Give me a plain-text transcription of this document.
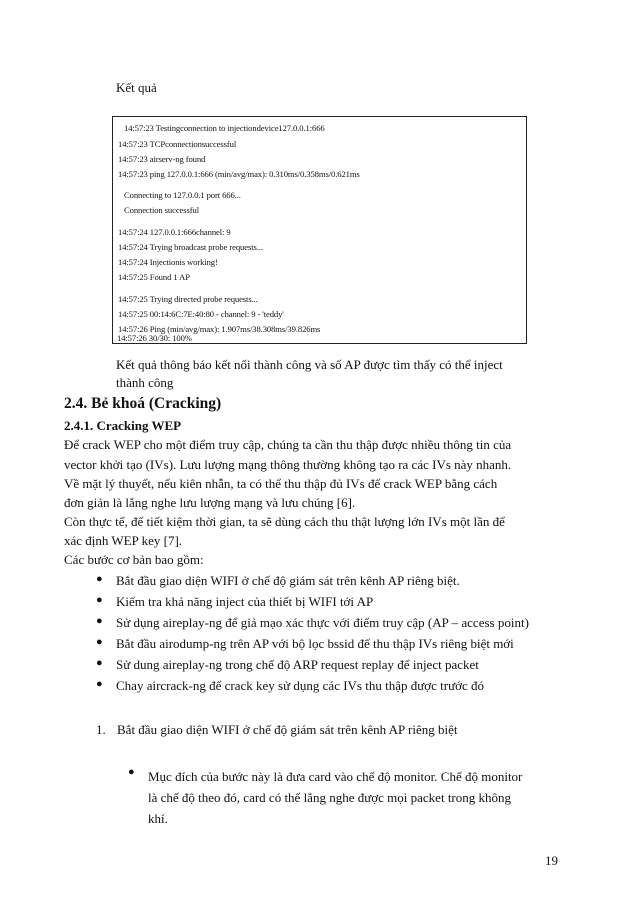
Kết quả
14:57:23 Testingconnection to injectiondevice127.0.0.1:666
14:57:23 TCPconnectionsuccessful
14:57:23 airserv-ng found
14:57:23 ping 127.0.0.1:666 (min/avg/max): 0.310ms/0.358ms/0.621ms
Connecting to 127.0.0.1 port 666...
Connection successful
14:57:24 127.0.0.1:666channel: 9
14:57:24 Trying broadcast probe requests...
14:57:24 Injectionis working!
14:57:25 Found 1 AP
14:57:25 Trying directed probe requests...
14:57:25 00:14:6C:7E:40:80 - channel: 9 - 'teddy'
14:57:26 Ping (min/avg/max): 1.907ms/38.308ms/39.826ms
14:57:26 30/30: 100%
Kết quả thông báo kết nối thành công và số AP được tìm thấy có thể inject
thành công
2.4. Bẻ khoá (Cracking)
2.4.1. Cracking WEP
Để crack WEP cho một điểm truy cập, chúng ta cần thu thập được nhiều thông tin của
vector khởi tạo (IVs). Lưu lượng mạng thông thường không tạo ra các IVs này nhanh.
Về mặt lý thuyết, nếu kiên nhẫn, ta có thể thu thập đủ IVs để crack WEP bằng cách
đơn giản là lắng nghe lưu lượng mạng và lưu chúng [6].
Còn thực tế, để tiết kiệm thời gian, ta sẽ dùng cách thu thật lượng lớn IVs một lần để
xác định WEP key [7].
Các bước cơ bản bao gồm:
● Bắt đầu giao diện WIFI ở chế độ giám sát trên kênh AP riêng biệt.
● Kiểm tra khả năng inject của thiết bị WIFI tới AP
● Sử dụng aireplay-ng để giả mạo xác thực với điểm truy cập (AP – access point)
● Bắt đầu airodump-ng trên AP với bộ lọc bssid để thu thập IVs riêng biệt mới
● Sử dung aireplay-ng trong chế độ ARP request replay để inject packet
● Chay aircrack-ng để crack key sử dụng các IVs thu thập được trước đó
1. Bắt đầu giao diện WIFI ở chế độ giám sát trên kênh AP riêng biệt
● Mục đích của bước này là đưa card vào chế độ monitor. Chế độ monitor
là chế độ theo đó, card có thể lắng nghe được mọi packet trong không
khí.
19
